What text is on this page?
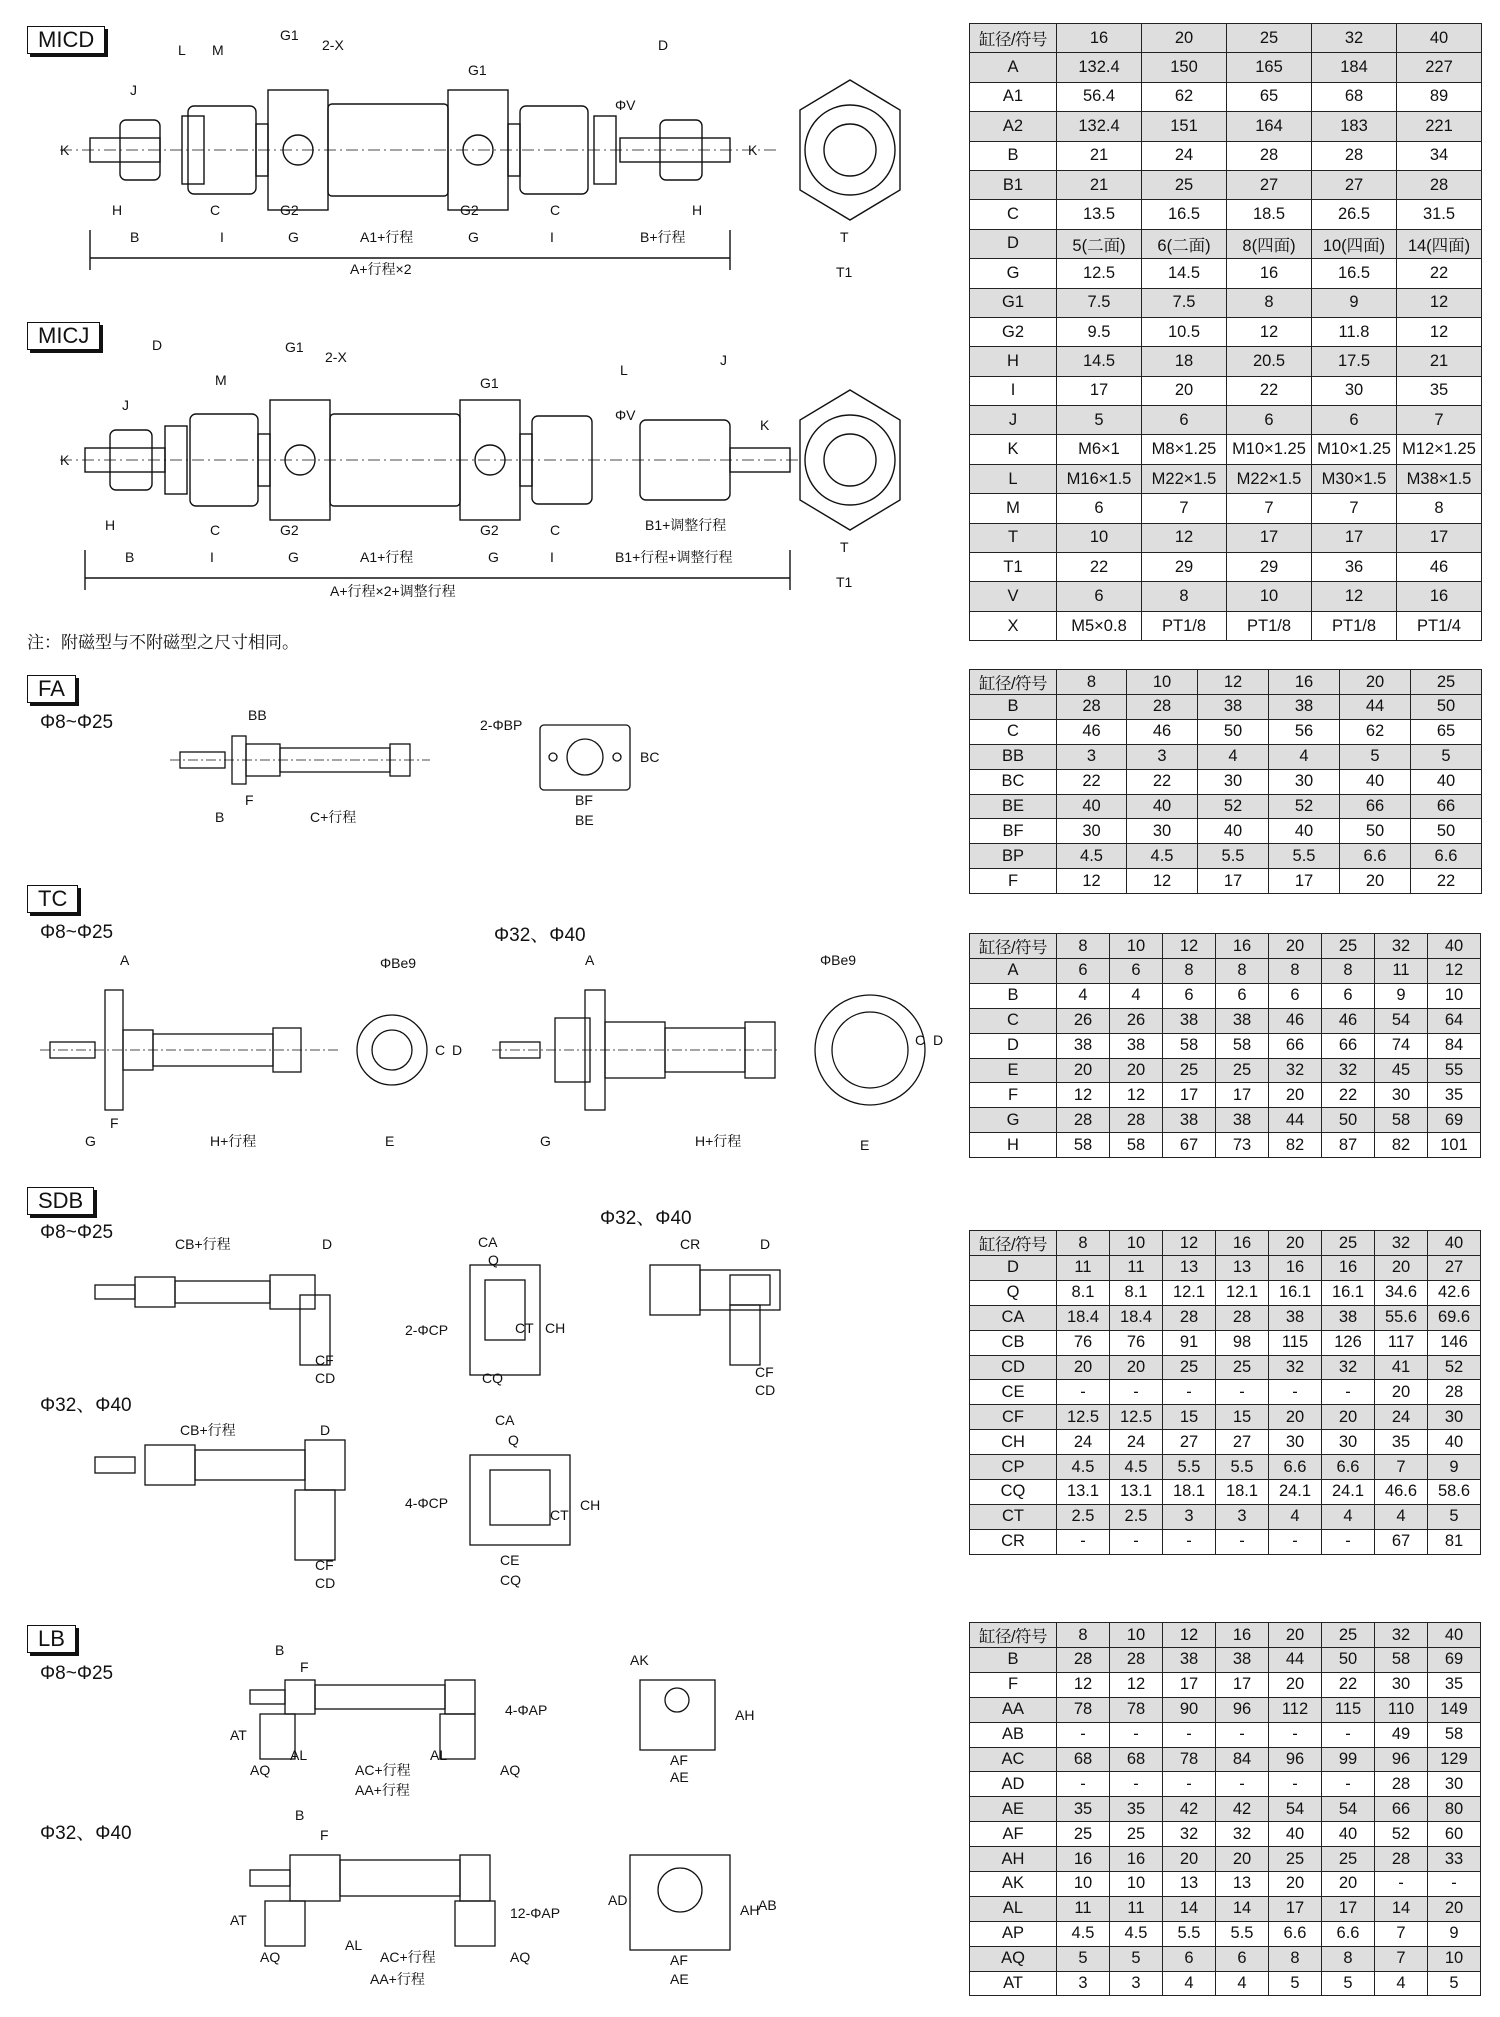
MICD
MICJ
注：附磁型与不附磁型之尺寸相同。
FA
Φ8~Φ25
TC
Φ8~Φ25	Φ32、Φ40
SDB
Φ8~Φ25
Φ32、Φ40
Φ32、Φ40
LB
Φ8~Φ25
Φ32、Φ40
L M
G1
2-X	D
J
K
ΦV
G1
K
H	C	G2	G2	C	H
B	I	G	A1+行程	G	I	B+行程
A+行程×2
T
T1
D	G1
2-X
M
J
L
J
K
ΦV
K
G1
H	C	G2	G2	C	B1+调整行程
B	I	G	A1+行程	G	I	B1+行程+调整行程
A+行程×2+调整行程
T
T1
BB
F
B	C+行程
2-ΦBP
BC
BF
BE
A
F
G	H+行程
ΦBe9
C D
E
A
G	H+行程
ΦBe9
C D
E
CB+行程	D
CF
CD
CA
Q
2-ΦCP	CT CH
CQ
CR	D
CF
CD
CB+行程	D
CF
CD
CA
Q
4-ΦCP
CT
CH
CE
CQ
B
F
AT
AQ
AL
AC+行程
AL
AQ
AA+行程
4-ΦAP
AK
AH
AF
AE
B
F
AT
AL
AQ	AC+行程	AQ
AA+行程
12-ΦAP
AD
AH
AB
AF
AE
缸径/符号	16	20	25	32	40
A	132.4	150	165	184	227
A1	56.4	62	65	68	89
A2	132.4	151	164	183	221
B	21	24	28	28	34
B1	21	25	27	27	28
C	13.5	16.5	18.5	26.5	31.5
D	5(二面)	6(二面)	8(四面)	10(四面)	14(四面)
G	12.5	14.5	16	16.5	22
G1	7.5	7.5	8	9	12
G2	9.5	10.5	12	11.8	12
H	14.5	18	20.5	17.5	21
I	17	20	22	30	35
J	5	6	6	6	7
K	M6×1	M8×1.25	M10×1.25	M10×1.25	M12×1.25
L	M16×1.5	M22×1.5	M22×1.5	M30×1.5	M38×1.5
M	6	7	7	7	8
T	10	12	17	17	17
T1	22	29	29	36	46
V	6	8	10	12	16
X	M5×0.8	PT1/8	PT1/8	PT1/8	PT1/4
缸径/符号	8	10	12	16	20	25
B	28	28	38	38	44	50
C	46	46	50	56	62	65
BB	3	3	4	4	5	5
BC	22	22	30	30	40	40
BE	40	40	52	52	66	66
BF	30	30	40	40	50	50
BP	4.5	4.5	5.5	5.5	6.6	6.6
F	12	12	17	17	20	22
缸径/符号	8	10	12	16	20	25	32	40
A	6	6	8	8	8	8	11	12
B	4	4	6	6	6	6	9	10
C	26	26	38	38	46	46	54	64
D	38	38	58	58	66	66	74	84
E	20	20	25	25	32	32	45	55
F	12	12	17	17	20	22	30	35
G	28	28	38	38	44	50	58	69
H	58	58	67	73	82	87	82	101
缸径/符号	8	10	12	16	20	25	32	40
D	11	11	13	13	16	16	20	27
Q	8.1	8.1	12.1	12.1	16.1	16.1	34.6	42.6
CA	18.4	18.4	28	28	38	38	55.6	69.6
CB	76	76	91	98	115	126	117	146
CD	20	20	25	25	32	32	41	52
CE	-	-	-	-	-	-	20	28
CF	12.5	12.5	15	15	20	20	24	30
CH	24	24	27	27	30	30	35	40
CP	4.5	4.5	5.5	5.5	6.6	6.6	7	9
CQ	13.1	13.1	18.1	18.1	24.1	24.1	46.6	58.6
CT	2.5	2.5	3	3	4	4	4	5
CR	-	-	-	-	-	-	67	81
缸径/符号	8	10	12	16	20	25	32	40
B	28	28	38	38	44	50	58	69
F	12	12	17	17	20	22	30	35
AA	78	78	90	96	112	115	110	149
AB	-	-	-	-	-	-	49	58
AC	68	68	78	84	96	99	96	129
AD	-	-	-	-	-	-	28	30
AE	35	35	42	42	54	54	66	80
AF	25	25	32	32	40	40	52	60
AH	16	16	20	20	25	25	28	33
AK	10	10	13	13	20	20	-	-
AL	11	11	14	14	17	17	14	20
AP	4.5	4.5	5.5	5.5	6.6	6.6	7	9
AQ	5	5	6	6	8	8	7	10
AT	3	3	4	4	5	5	4	5
